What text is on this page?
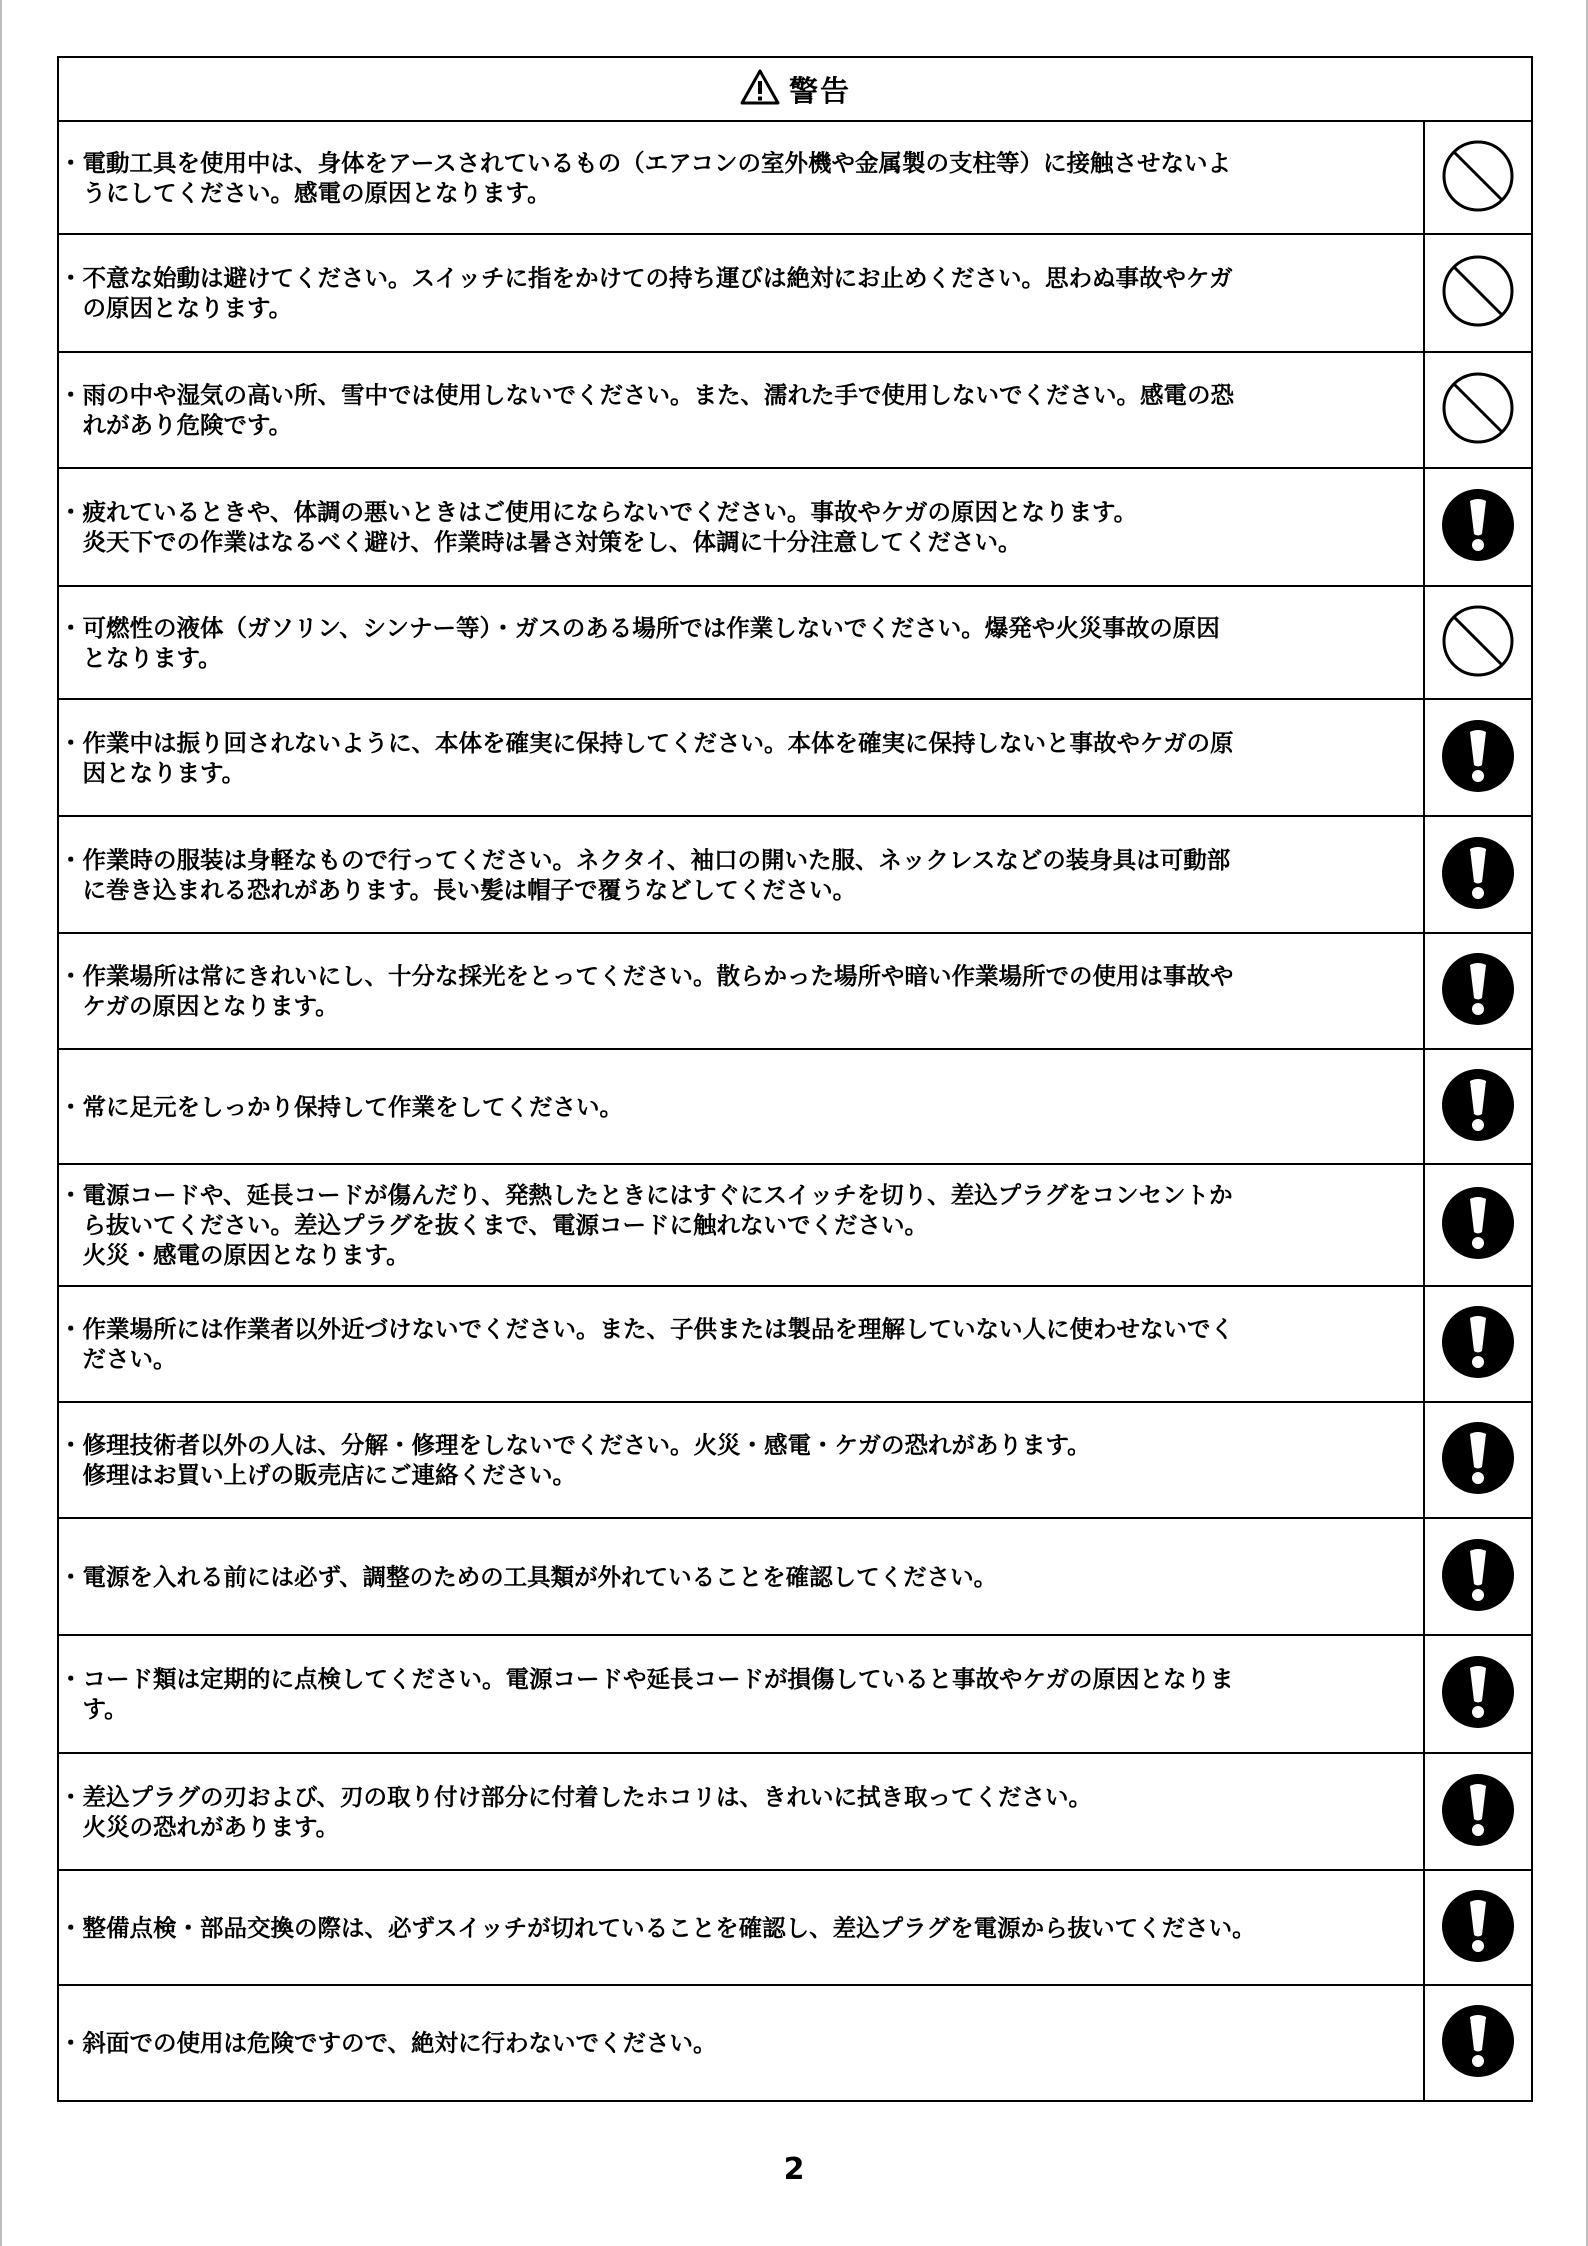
警告	

・ 電動工具を使用中は、身体をアースされているもの（エアコンの室外機や金属製の支柱等）に接触させないよ
うにしてください。感電の原因となります。

・ 不意な始動は避けてください。スイッチに指をかけての持ち運びは絶対にお止めください。思わぬ事故やケガ
の原因となります。

・ 雨の中や湿気の高い所、雪中では使用しないでください。また、濡れた手で使用しないでください。感電の恐
れがあり危険です。

・ 疲れているときや、体調の悪いときはご使用にならないでください。事故やケガの原因となります。
炎天下での作業はなるべく避け、作業時は暑さ対策をし、体調に十分注意してください。

・ 可燃性の液体（ガソリン、シンナー等）・ガスのある場所では作業しないでください。爆発や火災事故の原因
となります。

・ 作業中は振り回されないように、本体を確実に保持してください。本体を確実に保持しないと事故やケガの原
因となります。

・ 作業時の服装は身軽なもので行ってください。ネクタイ、袖口の開いた服、ネックレスなどの装身具は可動部
に巻き込まれる恐れがあります。長い髪は帽子で覆うなどしてください。

・ 作業場所は常にきれいにし、十分な採光をとってください。散らかった場所や暗い作業場所での使用は事故や
ケガの原因となります。

・ 常に足元をしっかり保持して作業をしてください。

・ 電源コードや、延長コードが傷んだり、発熱したときにはすぐにスイッチを切り、差込プラグをコンセントか
ら抜いてください。差込プラグを抜くまで、電源コードに触れないでください。
火災・感電の原因となります。

・ 作業場所には作業者以外近づけないでください。また、子供または製品を理解していない人に使わせないでく
ださい。

・ 修理技術者以外の人は、分解・修理をしないでください。火災・感電・ケガの恐れがあります。
修理はお買い上げの販売店にご連絡ください。

・ 電源を入れる前には必ず、調整のための工具類が外れていることを確認してください。

・ コード類は定期的に点検してください。電源コードや延長コードが損傷していると事故やケガの原因となりま
す。

・ 差込プラグの刃および、刃の取り付け部分に付着したホコリは、きれいに拭き取ってください。
火災の恐れがあります。

・ 整備点検・部品交換の際は、必ずスイッチが切れていることを確認し、差込プラグを電源から抜いてください。

・ 斜面での使用は危険ですので、絶対に行わないでください。

2
